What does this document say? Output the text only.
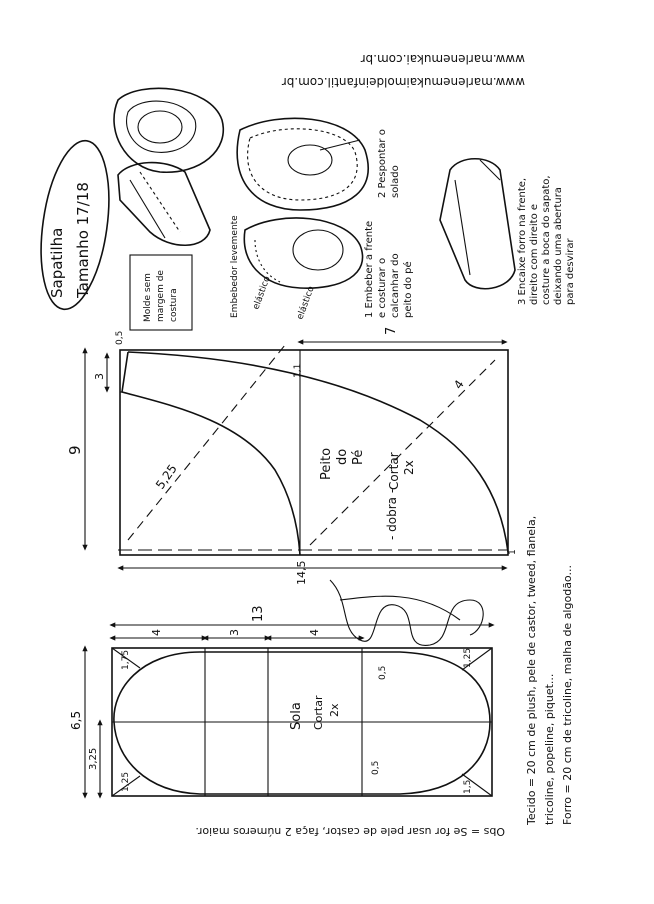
www.marlenemukai.com.br
www.marlenemukaimoldeinfantil.com.br
Sapatilha Tamanho 17/18	Molde sem margem de costura	Embebedor levemente elástico	elástico	1 Embeber a frente e costurar o calcanhar do peito do pé
2 Pespontar o solado	3 Encaixe forro na frente,direito com direito ecosture a boca do sapato,deixando uma aberturapara desvirar
Peito do Pé Cortar 2x
- dobra -
9
3
0,5
5,25
7
4
1,1
14,5
1
Sola Cortar 2x
13
4	3	4
6,5
3,25
1,75
1,25
1,25
1,5
0,5
0,5	Tecido = 20 cm de plush, pele de castor, tweed, flanela, tricoline, popeline, piquet... Forro = 20 cm de tricoline, malha de algodão...
Obs = Se for usar pele de castor, faça 2 números maior.
